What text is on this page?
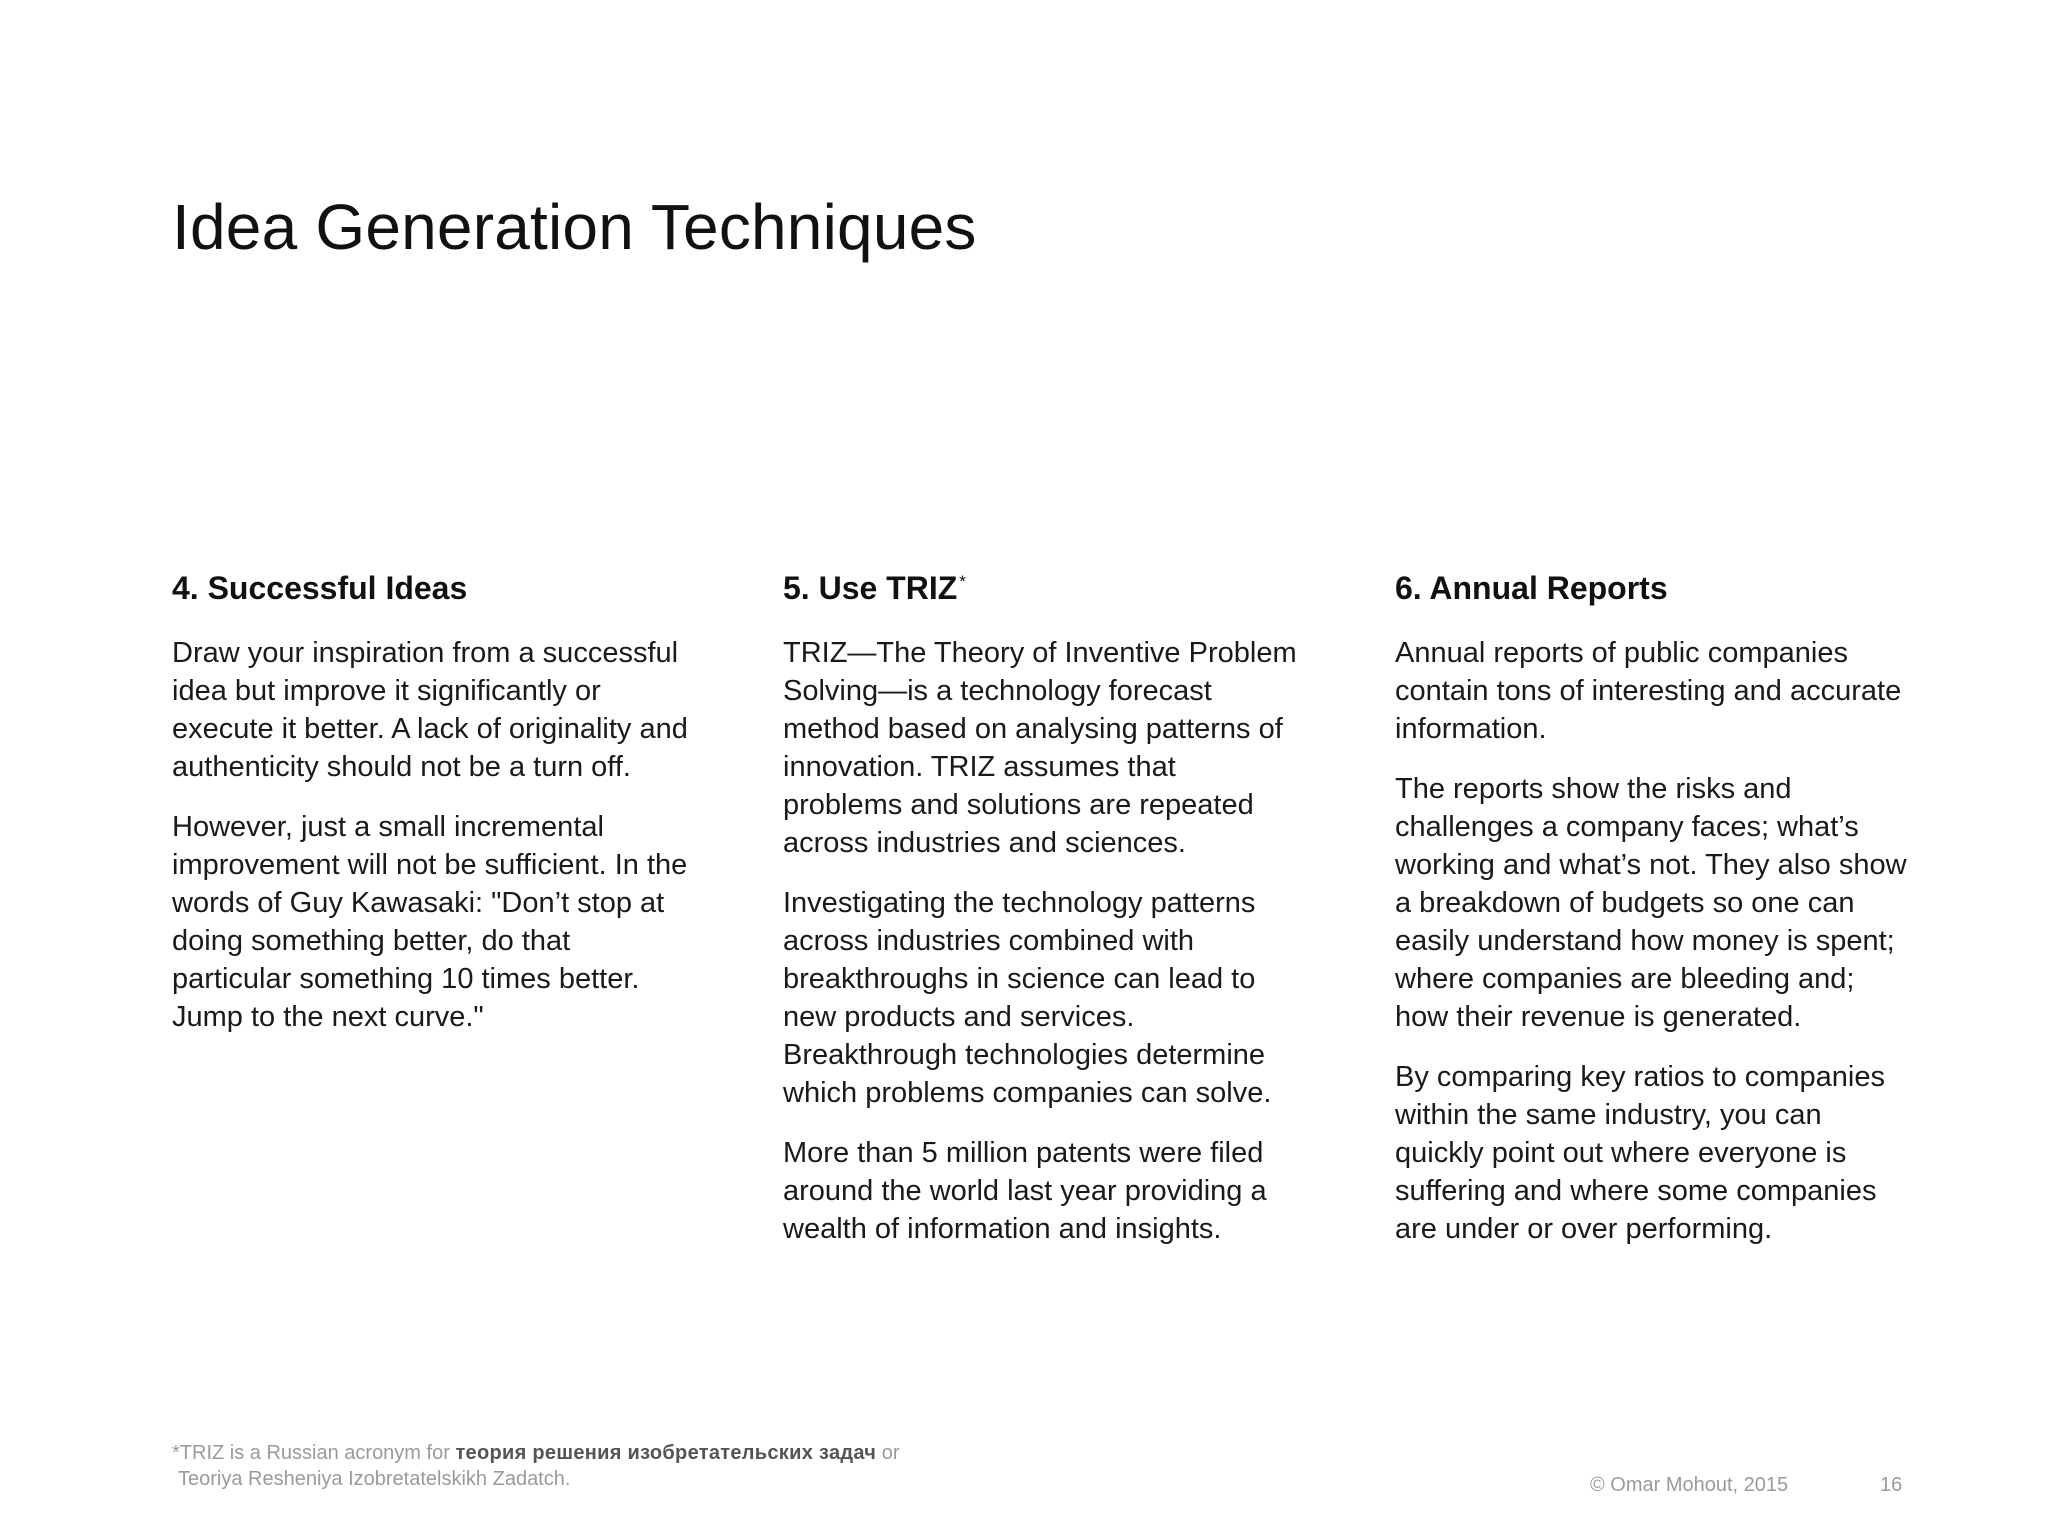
Idea Generation Techniques
4. Successful Ideas

Draw your inspiration from a successful idea but improve it significantly or execute it better. A lack of originality and authenticity should not be a turn off.

However, just a small incremental improvement will not be sufficient. In the words of Guy Kawasaki: "Don’t stop at doing something better, do that particular something 10 times better. Jump to the next curve."

5. Use TRIZ *

TRIZ—The Theory of Inventive Problem Solving—is a technology forecast method based on analysing patterns of innovation. TRIZ assumes that problems and solutions are repeated across industries and sciences.

Investigating the technology patterns across industries combined with breakthroughs in science can lead to new products and services. Breakthrough technologies determine which problems companies can solve.

More than 5 million patents were filed around the world last year providing a wealth of information and insights.

6. Annual Reports

Annual reports of public companies contain tons of interesting and accurate information.

The reports show the risks and challenges a company faces; what’s working and what’s not. They also show a breakdown of budgets so one can easily understand how money is spent; where companies are bleeding and; how their revenue is generated.

By comparing key ratios to companies within the same industry, you can quickly point out where everyone is suffering and where some companies are under or over performing.

*TRIZ is a Russian acronym for теория решения изобретательских задач or
Teoriya Resheniya Izobretatelskikh Zadatch.	© Omar Mohout, 2015	16
